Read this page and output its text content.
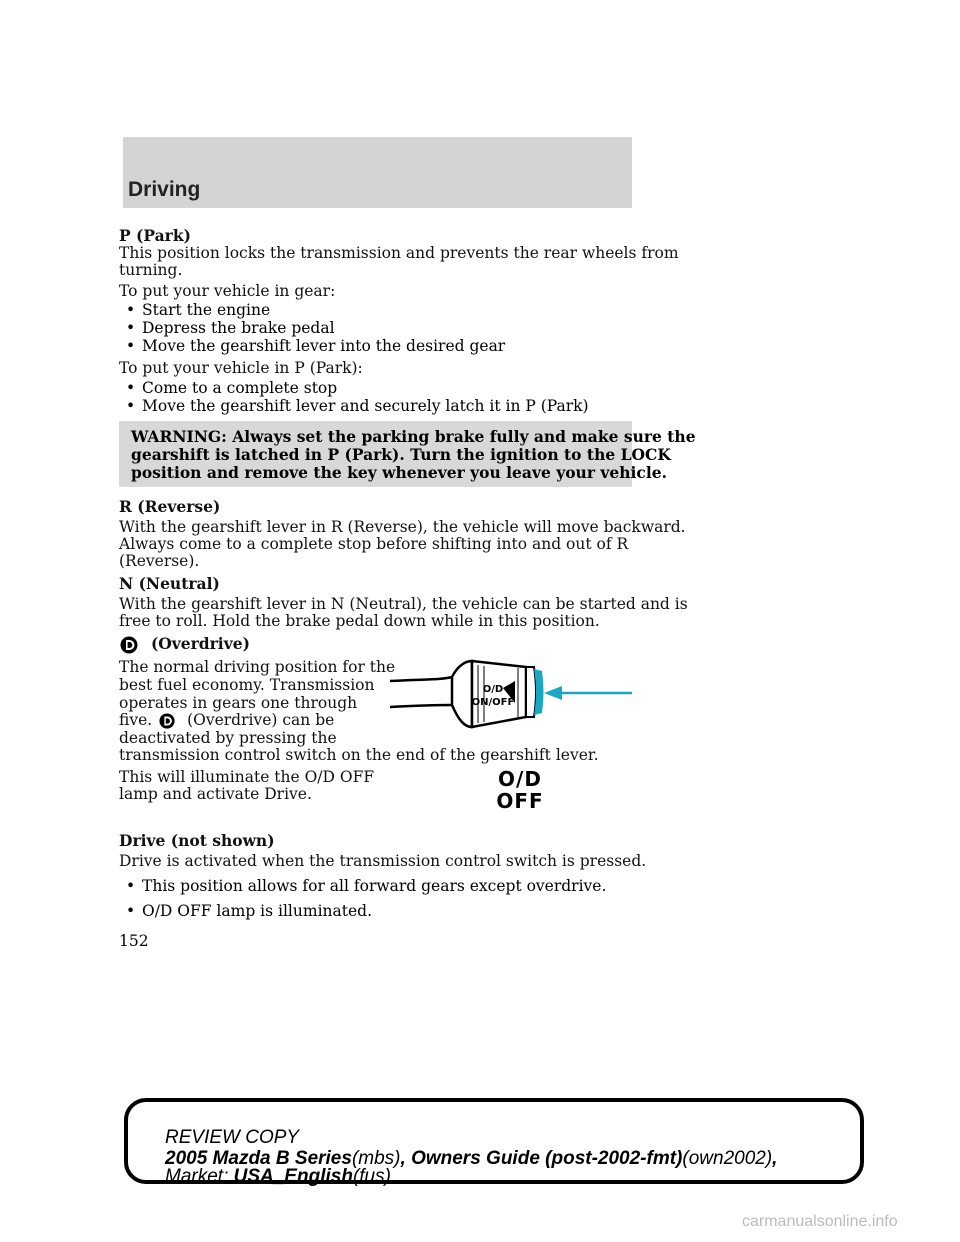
Driving
P (Park)
This position locks the transmission and prevents the rear wheels from
turning.
To put your vehicle in gear:
• Start the engine
• Depress the brake pedal
• Move the gearshift lever into the desired gear
To put your vehicle in P (Park):
• Come to a complete stop
• Move the gearshift lever and securely latch it in P (Park)
WARNING: Always set the parking brake fully and make sure the
gearshift is latched in P (Park). Turn the ignition to the LOCK
position and remove the key whenever you leave your vehicle.
R (Reverse)
With the gearshift lever in R (Reverse), the vehicle will move backward.
Always come to a complete stop before shifting into and out of R
(Reverse).
N (Neutral)
With the gearshift lever in N (Neutral), the vehicle can be started and is
free to roll. Hold the brake pedal down while in this position.
(Overdrive)
The normal driving position for the
best fuel economy. Transmission
operates in gears one through
five. (Overdrive) can be
deactivated by pressing the
transmission control switch on the end of the gearshift lever.
This will illuminate the O/D OFF
lamp and activate Drive.
O/D
ON/OFF
O/D
OFF
Drive (not shown)
Drive is activated when the transmission control switch is pressed.
• This position allows for all forward gears except overdrive.
• O/D OFF lamp is illuminated.
152
REVIEW COPY
2005 Mazda B Series(mbs), Owners Guide (post-2002-fmt)(own2002),
Market: USA_English(fus)
carmanualsonline.info
